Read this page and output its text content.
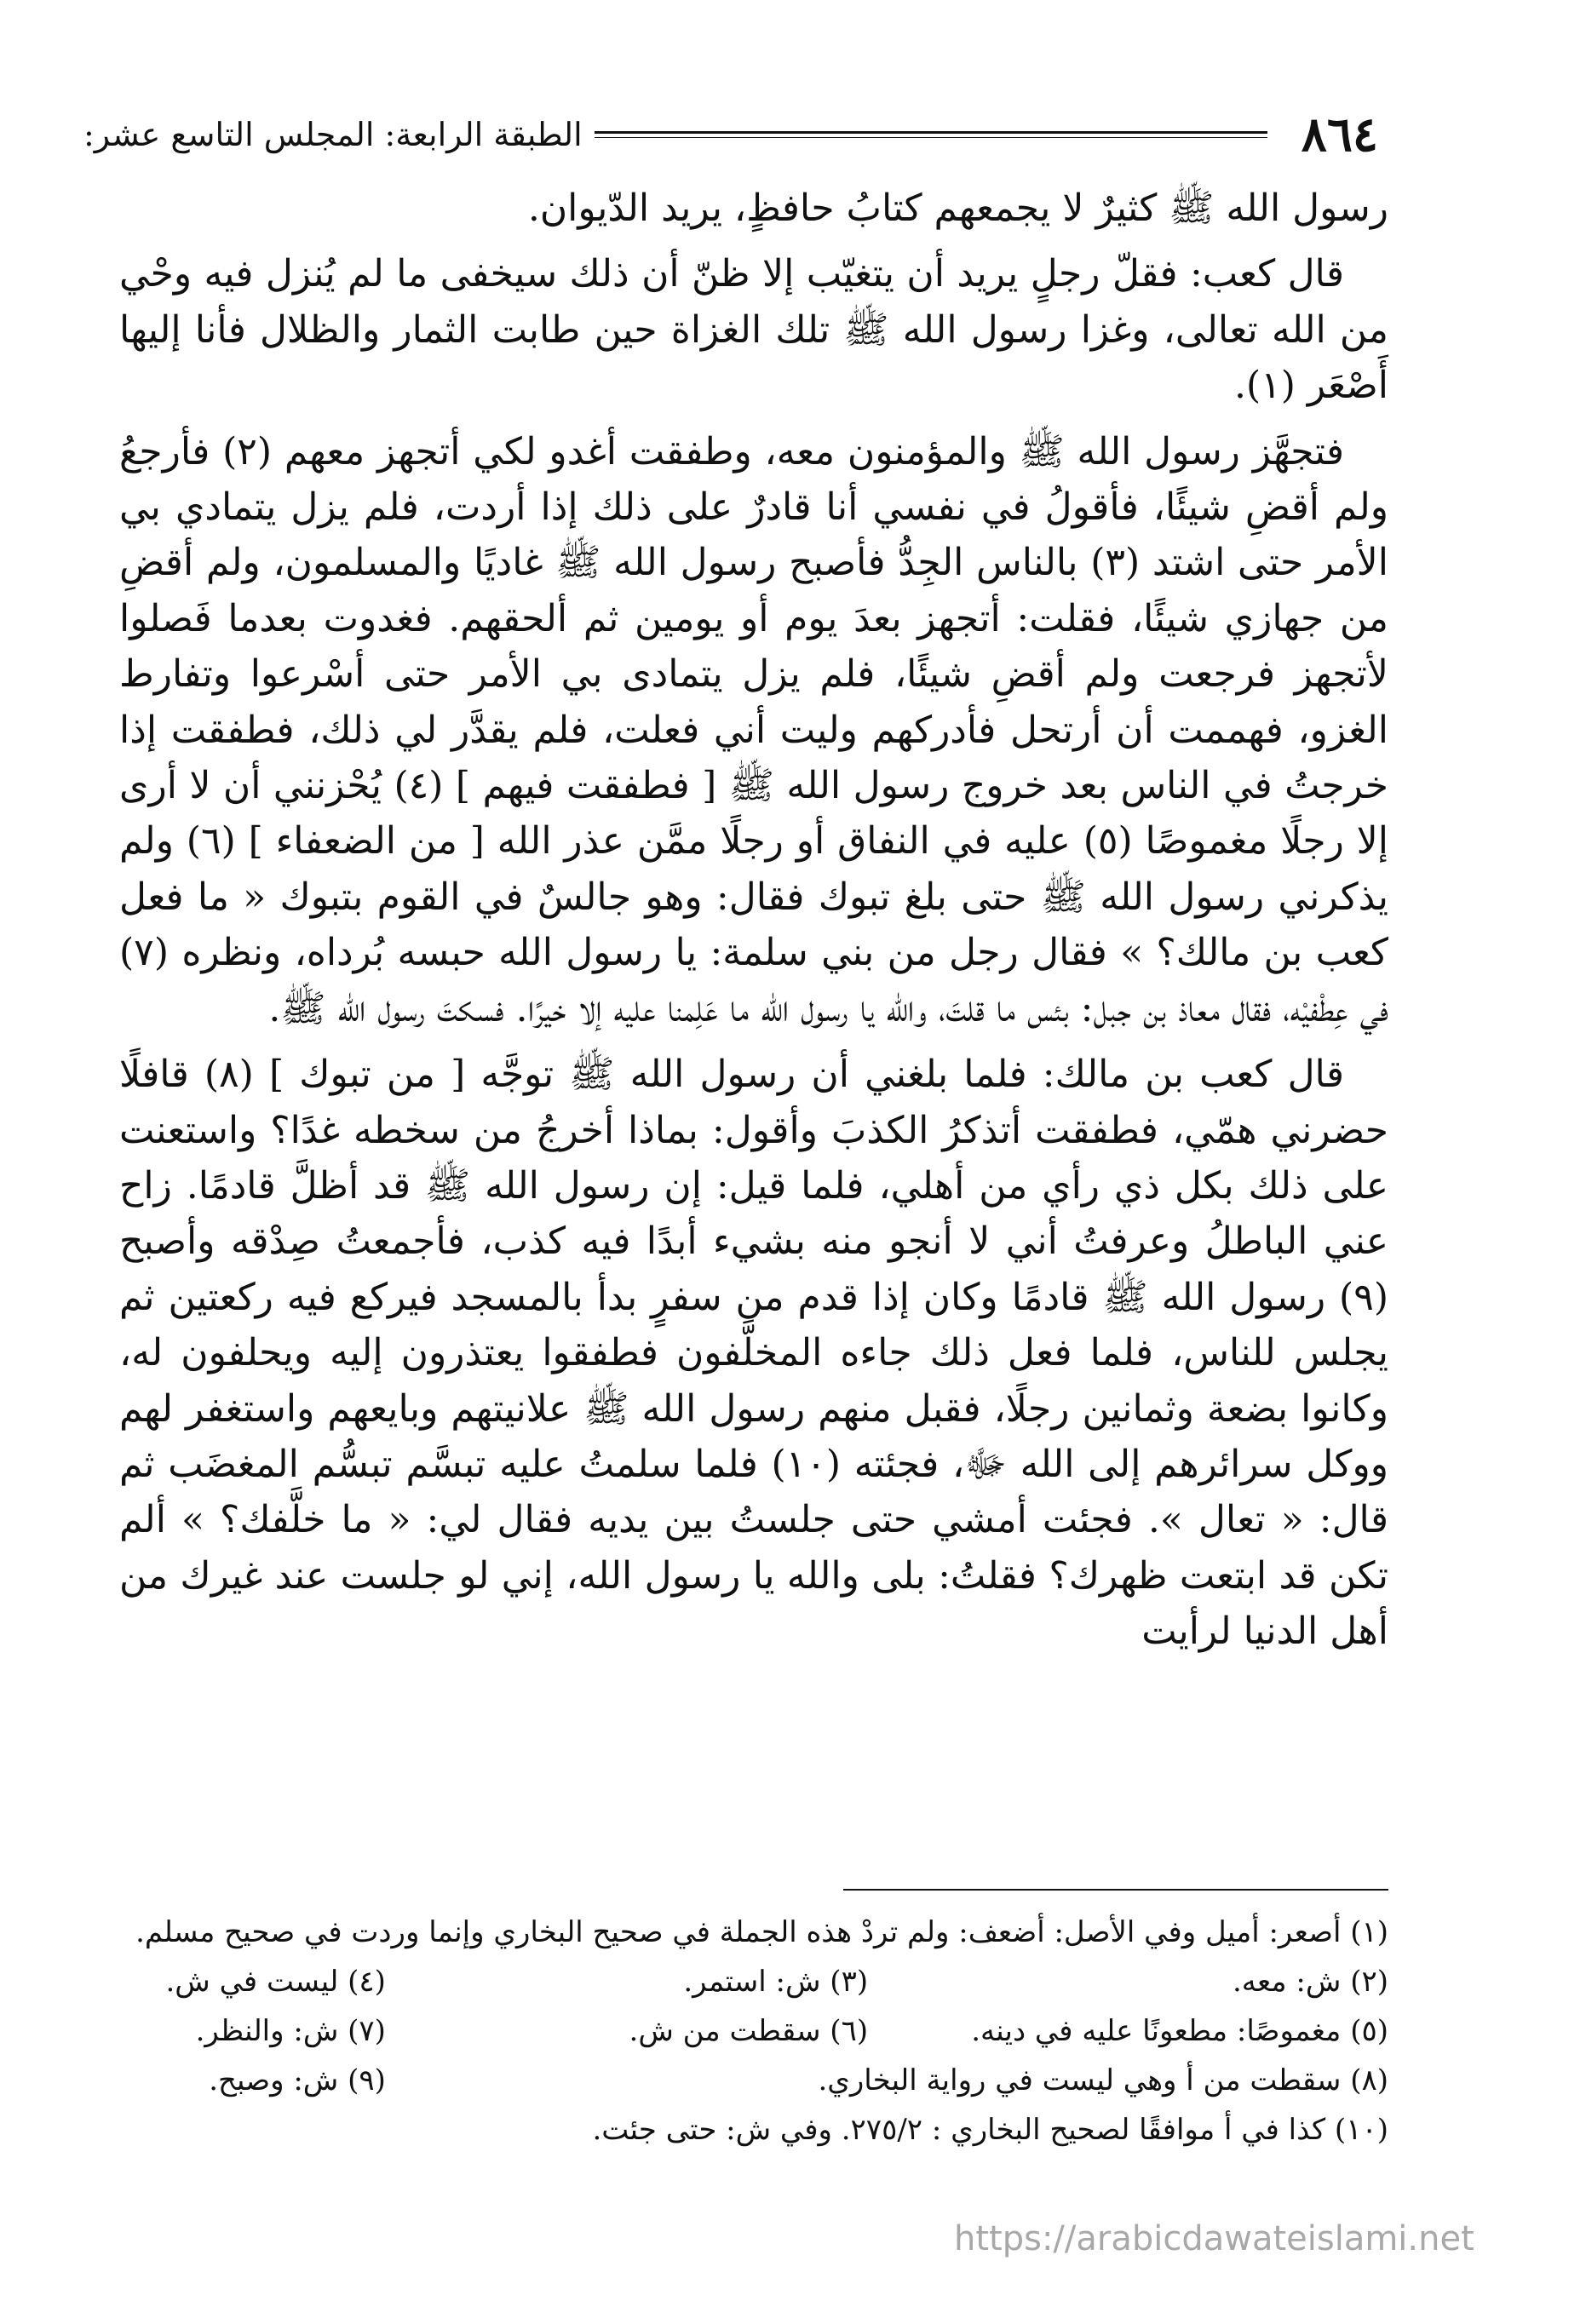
٨٦٤
الطبقة الرابعة: المجلس التاسع عشر:

رسول الله ﷺ كثيرٌ لا يجمعهم كتابُ حافظٍ، يريد الدّيوان.

قال كعب: فقلّ رجلٍ يريد أن يتغيّب إلا ظنّ أن ذلك سيخفى ما لم يُنزل فيه وحْي من الله تعالى، وغزا رسول الله ﷺ تلك الغزاة حين طابت الثمار والظلال فأنا إليها أَصْعَر (١).

فتجهَّز رسول الله ﷺ والمؤمنون معه، وطفقت أغدو لكي أتجهز معهم (٢) فأرجعُ ولم أقضِ شيئًا، فأقولُ في نفسي أنا قادرٌ على ذلك إذا أردت، فلم يزل يتمادي بي الأمر حتى اشتد (٣) بالناس الجِدُّ فأصبح رسول الله ﷺ غاديًا والمسلمون، ولم أقضِ من جهازي شيئًا، فقلت: أتجهز بعدَ يوم أو يومين ثم ألحقهم. فغدوت بعدما فَصلوا لأتجهز فرجعت ولم أقضِ شيئًا، فلم يزل يتمادى بي الأمر حتى أسْرعوا وتفارط الغزو، فهممت أن أرتحل فأدركهم وليت أني فعلت، فلم يقدَّر لي ذلك، فطفقت إذا خرجتُ في الناس بعد خروج رسول الله ﷺ [ فطفقت فيهم ] (٤) يُحْزنني أن لا أرى إلا رجلًا مغموصًا (٥) عليه في النفاق أو رجلًا ممَّن عذر الله [ من الضعفاء ] (٦) ولم يذكرني رسول الله ﷺ حتى بلغ تبوك فقال: وهو جالسٌ في القوم بتبوك « ما فعل كعب بن مالك؟ » فقال رجل من بني سلمة: يا رسول الله حبسه بُرداه، ونظره (٧) في عِطْفيْه، فقال معاذ بن جبل: بئس ما قلتَ، والله يا رسول الله ما عَلِمنا عليه إلا خيرًا. فسكتَ رسول الله ﷺ.

قال كعب بن مالك: فلما بلغني أن رسول الله ﷺ توجَّه [ من تبوك ] (٨) قافلًا حضرني همّي، فطفقت أتذكرُ الكذبَ وأقول: بماذا أخرجُ من سخطه غدًا؟ واستعنت على ذلك بكل ذي رأي من أهلي، فلما قيل: إن رسول الله ﷺ قد أظلَّ قادمًا. زاح عني الباطلُ وعرفتُ أني لا أنجو منه بشيء أبدًا فيه كذب، فأجمعتُ صِدْقه وأصبح (٩) رسول الله ﷺ قادمًا وكان إذا قدم من سفرٍ بدأ بالمسجد فيركع فيه ركعتين ثم يجلس للناس، فلما فعل ذلك جاءه المخلَّفون فطفقوا يعتذرون إليه ويحلفون له، وكانوا بضعة وثمانين رجلًا، فقبل منهم رسول الله ﷺ علانيتهم وبايعهم واستغفر لهم ووكل سرائرهم إلى الله ﷻ، فجئته (١٠) فلما سلمتُ عليه تبسَّم تبسُّم المغضَب ثم قال: « تعال ». فجئت أمشي حتى جلستُ بين يديه فقال لي: « ما خلَّفك؟ » ألم تكن قد ابتعت ظهرك؟ فقلتُ: بلى والله يا رسول الله، إني لو جلست عند غيرك من أهل الدنيا لرأيت

(١) أصعر: أميل وفي الأصل: أضعف: ولم تردْ هذه الجملة في صحيح البخاري وإنما وردت في صحيح مسلم.
(٢) ش: معه.
(٣) ش: استمر.
(٤) ليست في ش.
(٥) مغموصًا: مطعونًا عليه في دينه.
(٦) سقطت من ش.
(٧) ش: والنظر.
(٨) سقطت من أ وهي ليست في رواية البخاري.
(٩) ش: وصبح.
(١٠) كذا في أ موافقًا لصحيح البخاري : ٢٧٥/٢. وفي ش: حتى جئت.
https://arabicdawateislami.net
